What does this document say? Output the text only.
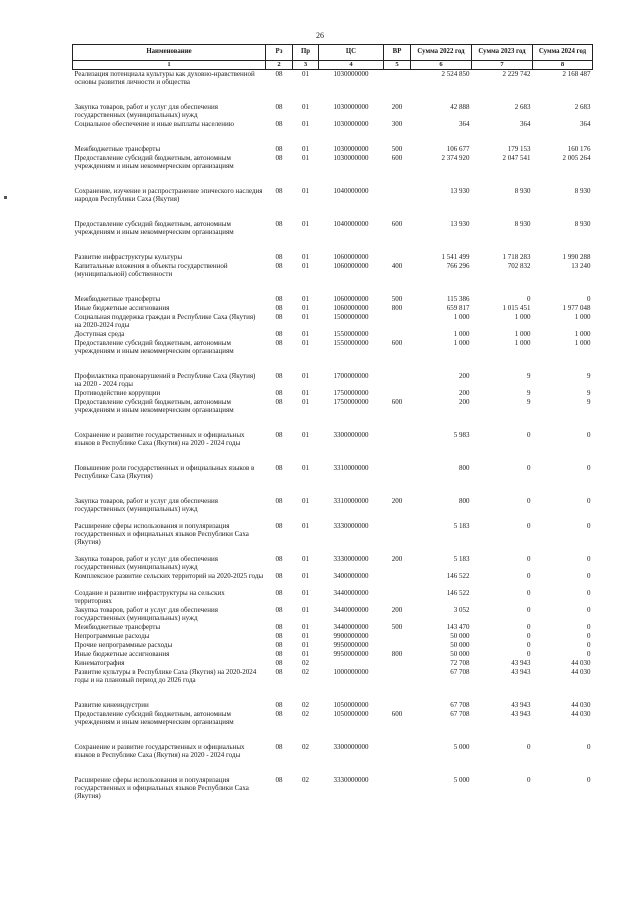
26
Наименование	Рз	Пр	ЦС	ВР	Сумма 2022 год	Сумма 2023 год	Сумма 2024 год
1	2	3	4	5	6	7	8
Реализация потенциала культуры как духовно-нравственной основы развития личности и общества	08	01	1030000000		2 524 850	2 229 742	2 168 487
Закупка товаров, работ и услуг для обеспечения государственных (муниципальных) нужд	08	01	1030000000	200	42 888	2 683	2 683
Социальное обеспечение и иные выплаты населению	08	01	1030000000	300	364	364	364
Межбюджетные трансферты	08	01	1030000000	500	106 677	179 153	160 176
Предоставление субсидий бюджетным, автономным учреждениям и иным некоммерческим организациям	08	01	1030000000	600	2 374 920	2 047 541	2 005 264
Сохранение, изучение и распространение эпического наследия народов Республики Саха (Якутия)	08	01	1040000000		13 930	8 930	8 930
Предоставление субсидий бюджетным, автономным учреждениям и иным некоммерческим организациям	08	01	1040000000	600	13 930	8 930	8 930
Развитие инфраструктуры культуры	08	01	1060000000		1 541 499	1 718 283	1 990 288
Капитальные вложения в объекты государственной (муниципальной) собственности	08	01	1060000000	400	766 296	702 832	13 240
Межбюджетные трансферты	08	01	1060000000	500	115 386	0	0
Иные бюджетные ассигнования	08	01	1060000000	800	659 817	1 015 451	1 977 048
Социальная поддержка граждан в Республике Саха (Якутия) на 2020-2024 годы	08	01	1500000000		1 000	1 000	1 000
Доступная среда	08	01	1550000000		1 000	1 000	1 000
Предоставление субсидий бюджетным, автономным учреждениям и иным некоммерческим организациям	08	01	1550000000	600	1 000	1 000	1 000
Профилактика правонарушений в Республике Саха (Якутия) на 2020 - 2024 годы	08	01	1700000000		200	9	9
Противодействие коррупции	08	01	1750000000		200	9	9
Предоставление субсидий бюджетным, автономным учреждениям и иным некоммерческим организациям	08	01	1750000000	600	200	9	9
Сохранение и развитие государственных и официальных языков в Республике Саха (Якутия) на 2020 - 2024 годы	08	01	3300000000		5 983	0	0
Повышение роли государственных и официальных языков в Республике Саха (Якутия)	08	01	3310000000		800	0	0
Закупка товаров, работ и услуг для обеспечения государственных (муниципальных) нужд	08	01	3310000000	200	800	0	0
Расширение сферы использования и популяризация государственных и официальных языков Республики Саха (Якутия)	08	01	3330000000		5 183	0	0
Закупка товаров, работ и услуг для обеспечения государственных (муниципальных) нужд	08	01	3330000000	200	5 183	0	0
Комплексное развитие сельских территорий на 2020-2025 годы	08	01	3400000000		146 522	0	0
Создание и развитие инфраструктуры на сельских территориях	08	01	3440000000		146 522	0	0
Закупка товаров, работ и услуг для обеспечения государственных (муниципальных) нужд	08	01	3440000000	200	3 052	0	0
Межбюджетные трансферты	08	01	3440000000	500	143 470	0	0
Непрограммные расходы	08	01	9900000000		50 000	0	0
Прочие непрограммные расходы	08	01	9950000000		50 000	0	0
Иные бюджетные ассигнования	08	01	9950000000	800	50 000	0	0
Кинематография	08	02			72 708	43 943	44 030
Развитие культуры в Республике Саха (Якутия) на 2020-2024 годы и на плановый период до 2026 года	08	02	1000000000		67 708	43 943	44 030
Развитие кинеиндустрии	08	02	1050000000		67 708	43 943	44 030
Предоставление субсидий бюджетным, автономным учреждениям и иным некоммерческим организациям	08	02	1050000000	600	67 708	43 943	44 030
Сохранение и развитие государственных и официальных языков в Республике Саха (Якутия) на 2020 - 2024 годы	08	02	3300000000		5 000	0	0
Расширение сферы использования и популяризация государственных и официальных языков Республики Саха (Якутия)	08	02	3330000000		5 000	0	0
